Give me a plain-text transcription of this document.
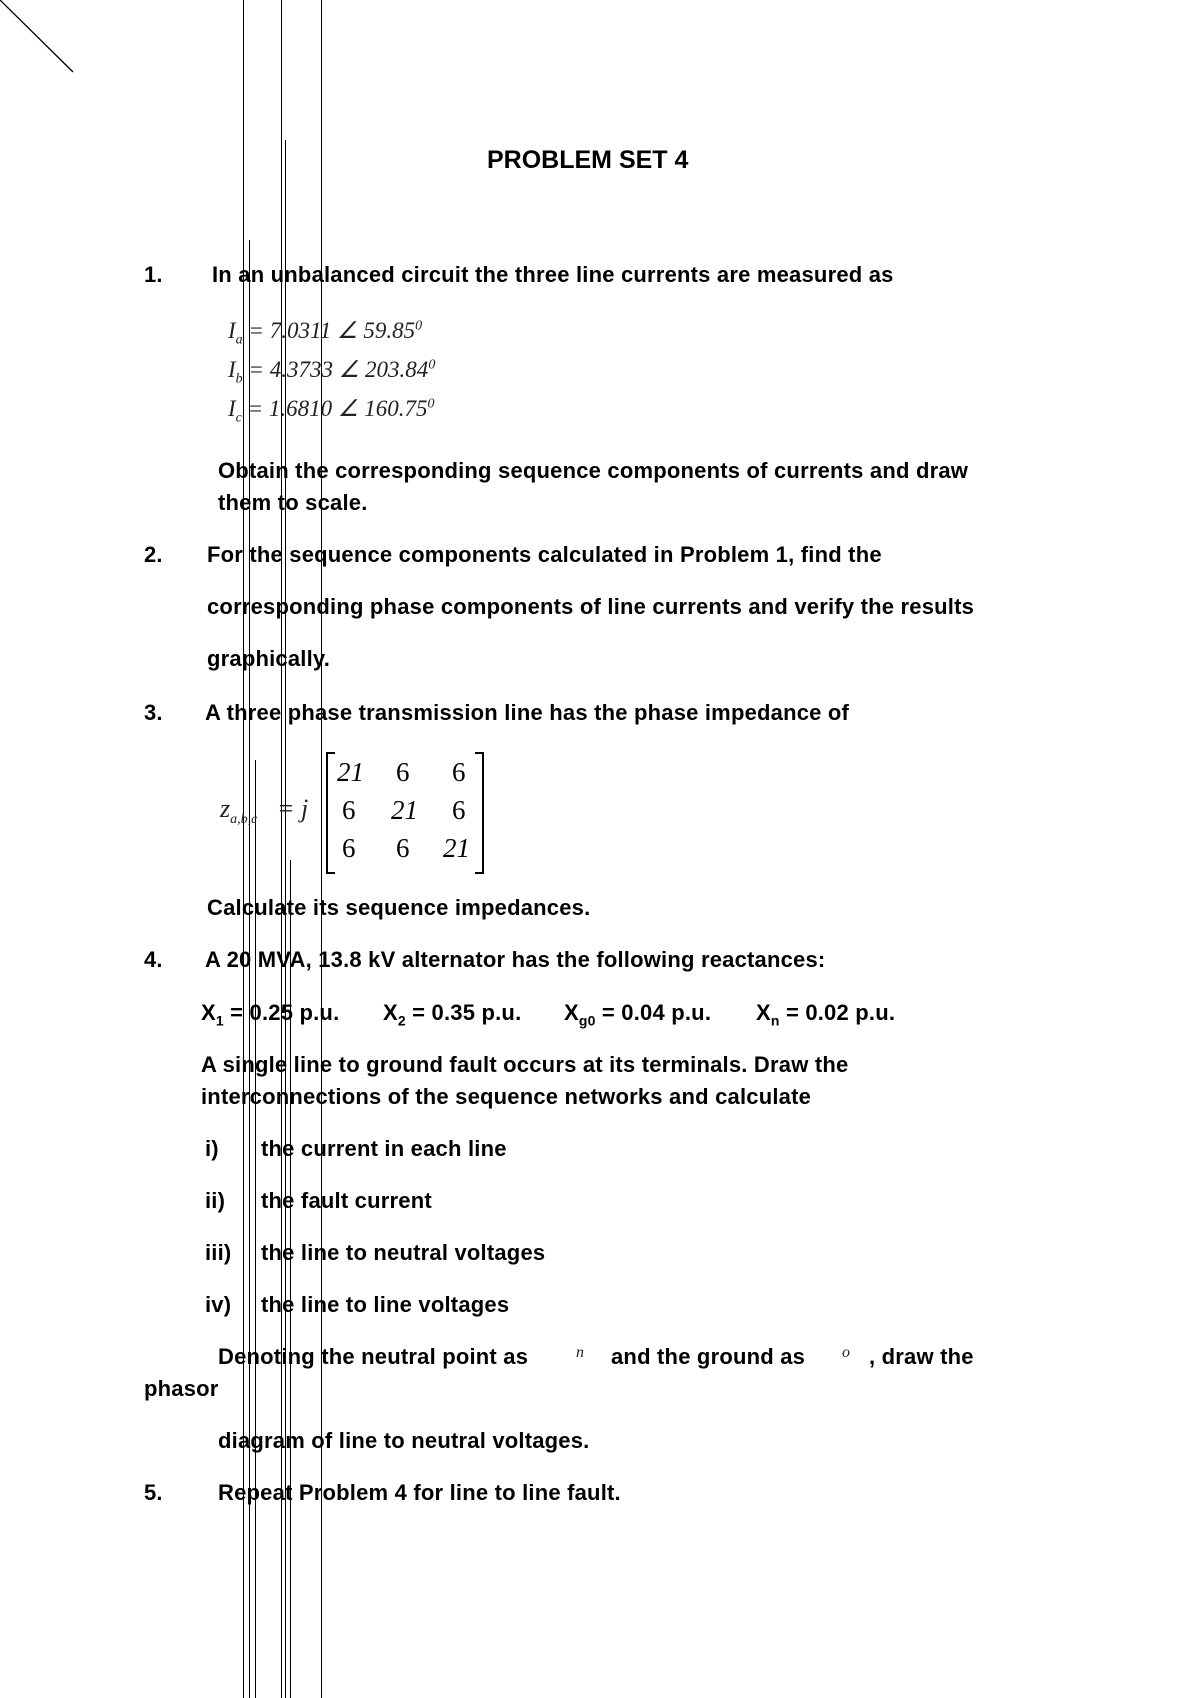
PROBLEM SET 4
1. In an unbalanced circuit the three line currents are measured as
$I_a = 7.0311$ ∠ 59.85$^0$
$I_b = 4.3733$ ∠ 203.84$^0$
$I_c = 1.6810$ ∠ 160.75$^0$
Obtain the corresponding sequence components of currents and draw
them to scale.
2. For the sequence components calculated in Problem 1, find the
corresponding phase components of line currents and verify the results
graphically.
3. A three phase transmission line has the phase impedance of
$z_{a,b,c} = j$
21 6 6
6 21 6
6 6 21
Calculate its sequence impedances.
4. A 20 MVA, 13.8 kV alternator has the following reactances:
$X_1 = 0.25$ p.u. $X_2 = 0.35$ p.u. $X_{g0} = 0.04$ p.u. $X_n = 0.02$ p.u.
A single line to ground fault occurs at its terminals. Draw the
interconnections of the sequence networks and calculate
i) the current in each line
ii) the fault current
iii) the line to neutral voltages
iv) the line to line voltages
Denoting the neutral point as	n and the ground as o , draw the
phasor
diagram of line to neutral voltages.
5.	Repeat Problem 4 for line to line fault.
